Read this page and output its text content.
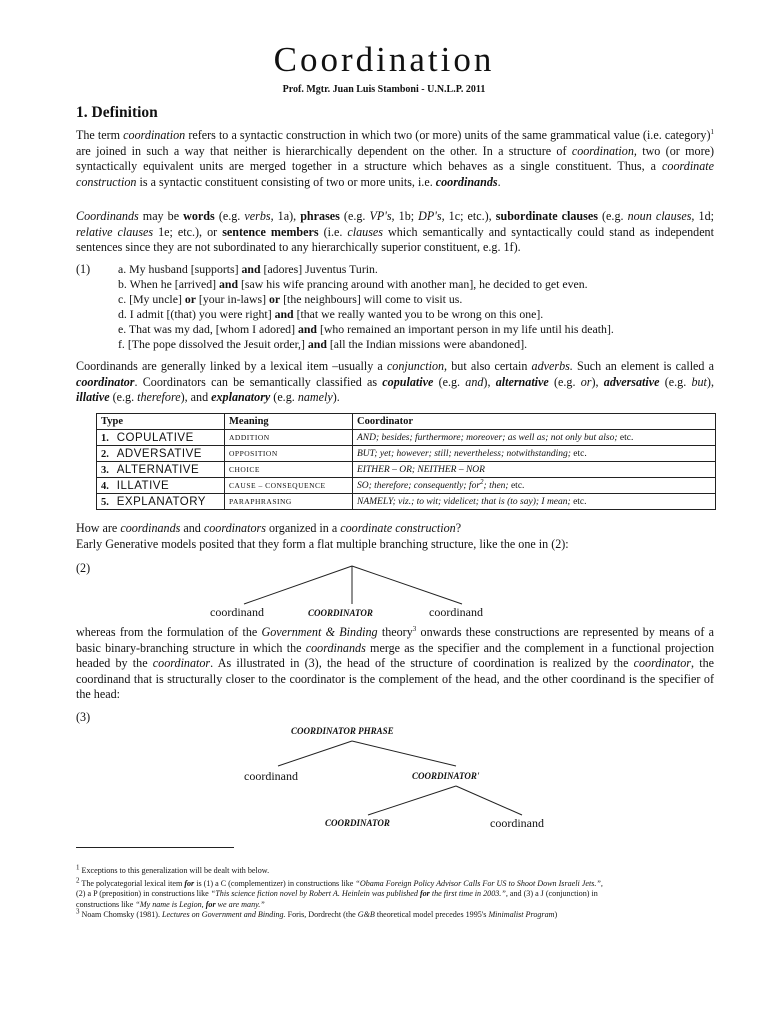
Coordination
Prof. Mgtr. Juan Luis Stamboni - U.N.L.P. 2011
1. Definition
The term coordination refers to a syntactic construction in which two (or more) units of the same grammatical value (i.e. category)$^1$ are joined in such a way that neither is hierarchically dependent on the other. In a structure of coordination, two (or more) syntactically equivalent units are merged together in a structure which behaves as a single constituent. Thus, a coordinate construction is a syntactic constituent consisting of two or more units, i.e. coordinands.
Coordinands may be words (e.g. verbs, 1a), phrases (e.g. VP's, 1b; DP's, 1c; etc.), subordinate clauses (e.g. noun clauses, 1d; relative clauses 1e; etc.), or sentence members (i.e. clauses which semantically and syntactically could stand as independent sentences since they are not subordinated to any hierarchically superior constituent, e.g. 1f).
(1) a. My husband [supports] and [adores] Juventus Turin.
b. When he [arrived] and [saw his wife prancing around with another man], he decided to get even.
c. [My uncle] or [your in-laws] or [the neighbours] will come to visit us.
d. I admit [(that) you were right] and [that we really wanted you to be wrong on this one].
e. That was my dad, [whom I adored] and [who remained an important person in my life until his death].
f. [The pope dissolved the Jesuit order,] and [all the Indian missions were abandoned].
Coordinands are generally linked by a lexical item –usually a conjunction, but also certain adverbs. Such an element is called a coordinator. Coordinators can be semantically classified as copulative (e.g. and), alternative (e.g. or), adversative (e.g. but), illative (e.g. therefore), and explanatory (e.g. namely).
Type	Meaning	Coordinator
1. COPULATIVE	ADDITION	AND; besides; furthermore; moreover; as well as; not only but also; etc.
2. ADVERSATIVE	OPPOSITION	BUT; yet; however; still; nevertheless; notwithstanding; etc.
3. ALTERNATIVE	CHOICE	EITHER – OR; NEITHER – NOR
4. ILLATIVE	CAUSE – CONSEQUENCE	SO; therefore; consequently; for$^2$; then; etc.
5. EXPLANATORY	PARAPHRASING	NAMELY; viz.; to wit; videlicet; that is (to say); I mean; etc.
How are coordinands and coordinators organized in a coordinate construction?
Early Generative models posited that they form a flat multiple branching structure, like the one in (2):
(2)
coordinand	COORDINATOR	coordinand
whereas from the formulation of the Government & Binding theory$^3$ onwards these constructions are represented by means of a basic binary-branching structure in which the coordinands merge as the specifier and the complement in a functional projection headed by the coordinator. As illustrated in (3), the head of the structure of coordination is realized by the coordinator, the coordinand that is structurally closer to the coordinator is the complement of the head, and the other coordinand is the specifier of the head:
(3)
COORDINATOR PHRASE
coordinand	COORDINATOR'
COORDINATOR	coordinand
$^1$ Exceptions to this generalization will be dealt with below.
$^2$ The polycategorial lexical item for is (1) a C (complementizer) in constructions like “Obama Foreign Policy Advisor Calls For US to Shoot Down Israeli Jets.”,
(2) a P (preposition) in constructions like “This science fiction novel by Robert A. Heinlein was published for the first time in 2003.”, and (3) a J (conjunction) in
constructions like “My name is Legion, for we are many.”
$^3$ Noam Chomsky (1981). Lectures on Government and Binding. Foris, Dordrecht (the G&B theoretical model precedes 1995's Minimalist Program)
